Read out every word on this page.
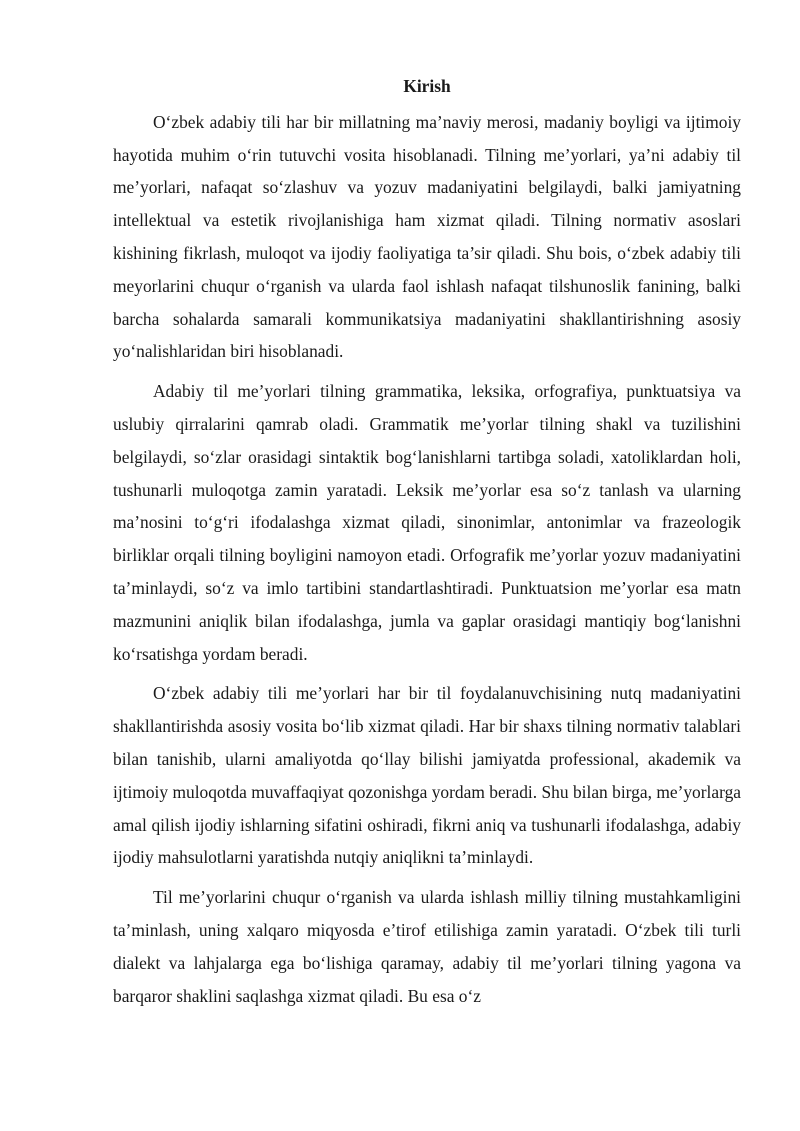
Kirish

O‘zbek adabiy tili har bir millatning ma’naviy merosi, madaniy boyligi va ijtimoiy hayotida muhim o‘rin tutuvchi vosita hisoblanadi. Tilning me’yorlari, ya’ni adabiy til me’yorlari, nafaqat so‘zlashuv va yozuv madaniyatini belgilaydi, balki jamiyatning intellektual va estetik rivojlanishiga ham xizmat qiladi. Tilning normativ asoslari kishining fikrlash, muloqot va ijodiy faoliyatiga ta’sir qiladi. Shu bois, o‘zbek adabiy tili meyorlarini chuqur o‘rganish va ularda faol ishlash nafaqat tilshunoslik fanining, balki barcha sohalarda samarali kommunikatsiya madaniyatini shakllantirishning asosiy yo‘nalishlaridan biri hisoblanadi.

Adabiy til me’yorlari tilning grammatika, leksika, orfografiya, punktuatsiya va uslubiy qirralarini qamrab oladi. Grammatik me’yorlar tilning shakl va tuzilishini belgilaydi, so‘zlar orasidagi sintaktik bog‘lanishlarni tartibga soladi, xatoliklardan holi, tushunarli muloqotga zamin yaratadi. Leksik me’yorlar esa so‘z tanlash va ularning ma’nosini to‘g‘ri ifodalashga xizmat qiladi, sinonimlar, antonimlar va frazeologik birliklar orqali tilning boyligini namoyon etadi. Orfografik me’yorlar yozuv madaniyatini ta’minlaydi, so‘z va imlo tartibini standartlashtiradi. Punktuatsion me’yorlar esa matn mazmunini aniqlik bilan ifodalashga, jumla va gaplar orasidagi mantiqiy bog‘lanishni ko‘rsatishga yordam beradi.

O‘zbek adabiy tili me’yorlari har bir til foydalanuvchisining nutq madaniyatini shakllantirishda asosiy vosita bo‘lib xizmat qiladi. Har bir shaxs tilning normativ talablari bilan tanishib, ularni amaliyotda qo‘llay bilishi jamiyatda professional, akademik va ijtimoiy muloqotda muvaffaqiyat qozonishga yordam beradi. Shu bilan birga, me’yorlarga amal qilish ijodiy ishlarning sifatini oshiradi, fikrni aniq va tushunarli ifodalashga, adabiy ijodiy mahsulotlarni yaratishda nutqiy aniqlikni ta’minlaydi.

Til me’yorlarini chuqur o‘rganish va ularda ishlash milliy tilning mustahkamligini ta’minlash, uning xalqaro miqyosda e’tirof etilishiga zamin yaratadi. O‘zbek tili turli dialekt va lahjalarga ega bo‘lishiga qaramay, adabiy til me’yorlari tilning yagona va barqaror shaklini saqlashga xizmat qiladi. Bu esa o‘z
